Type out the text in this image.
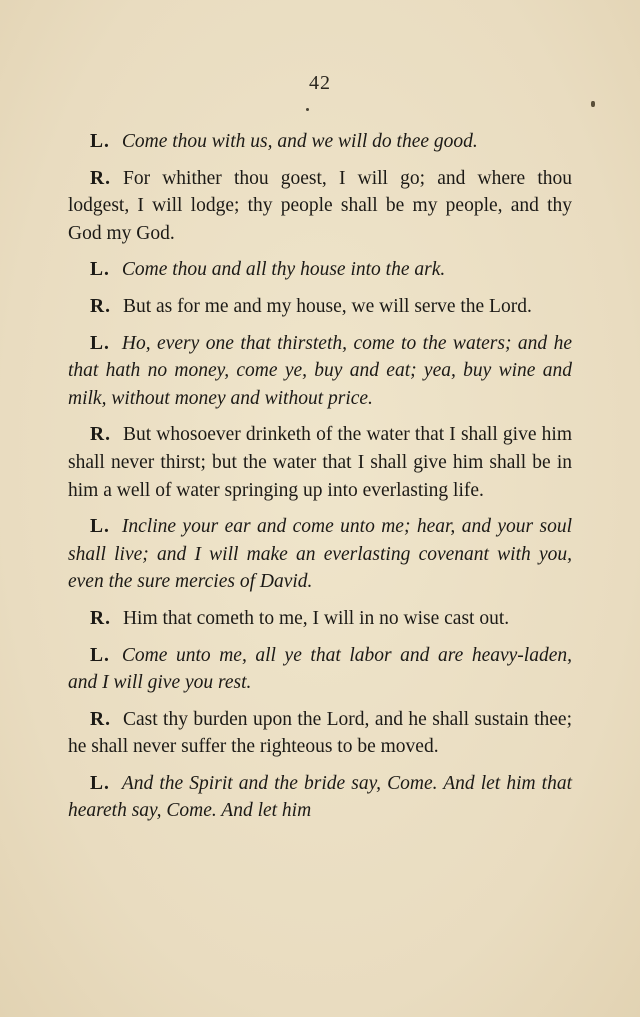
42

L. Come thou with us, and we will do thee good.

R. For whither thou goest, I will go; and where thou lodgest, I will lodge; thy people shall be my people, and thy God my God.

L. Come thou and all thy house into the ark.

R. But as for me and my house, we will serve the Lord.

L. Ho, every one that thirsteth, come to the waters; and he that hath no money, come ye, buy and eat; yea, buy wine and milk, without money and without price.

R. But whosoever drinketh of the water that I shall give him shall never thirst; but the water that I shall give him shall be in him a well of water springing up into everlasting life.

L. Incline your ear and come unto me; hear, and your soul shall live; and I will make an everlasting covenant with you, even the sure mercies of David.

R. Him that cometh to me, I will in no wise cast out.

L. Come unto me, all ye that labor and are heavy-laden, and I will give you rest.

R. Cast thy burden upon the Lord, and he shall sustain thee; he shall never suffer the righteous to be moved.

L. And the Spirit and the bride say, Come. And let him that heareth say, Come. And let him
